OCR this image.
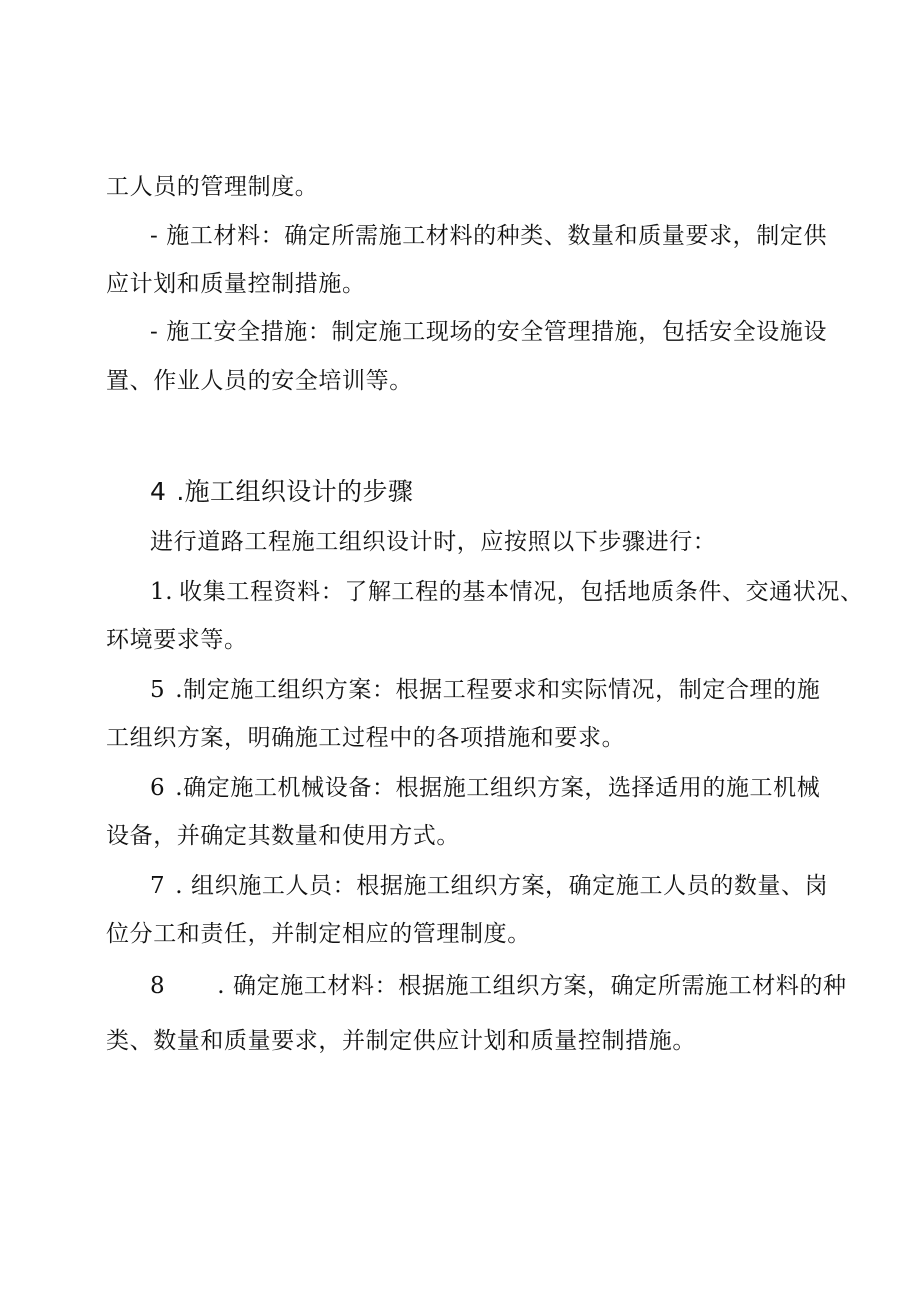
工人员的管理制度。
- 施工材料：确定所需施工材料的种类、数量和质量要求，制定供
应计划和质量控制措施。
- 施工安全措施：制定施工现场的安全管理措施，包括安全设施设
置、作业人员的安全培训等。
4 .施工组织设计的步骤
进行道路工程施工组织设计时，应按照以下步骤进行：
1. 收集工程资料：了解工程的基本情况，包括地质条件、交通状况、
环境要求等。
5 .制定施工组织方案：根据工程要求和实际情况，制定合理的施
工组织方案，明确施工过程中的各项措施和要求。
6 .确定施工机械设备：根据施工组织方案，选择适用的施工机械
设备，并确定其数量和使用方式。
7 . 组织施工人员：根据施工组织方案，确定施工人员的数量、岗
位分工和责任，并制定相应的管理制度。
8 . 确定施工材料：根据施工组织方案，确定所需施工材料的种
类、数量和质量要求，并制定供应计划和质量控制措施。
